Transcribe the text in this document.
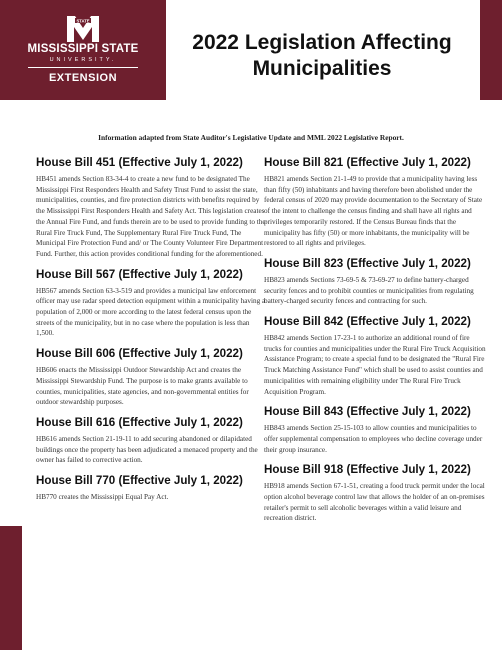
STATE
MISSISSIPPI STATE
UNIVERSITY.
EXTENSION
2022 Legislation Affecting
Municipalities
Information adapted from State Auditor's Legislative Update and MML 2022 Legislative Report.
House Bill 451 (Effective July 1, 2022)

HB451 amends Section 83-34-4 to create a new fund to be designated The Mississippi First Responders Health and Safety Trust Fund to assist the state, municipalities, counties, and fire protection districts with benefits required by the Mississippi First Responders Health and Safety Act. This legislation creates the Annual Fire Fund, and funds therein are to be used to provide funding to the Rural Fire Truck Fund, The Supplementary Rural Fire Truck Fund, The Municipal Fire Protection Fund and/ or The County Volunteer Fire Department Fund. Further, this action provides conditional funding for the aforementioned.

House Bill 567 (Effective July 1, 2022)

HB567 amends Section 63-3-519 and provides a municipal law enforcement officer may use radar speed detection equipment within a municipality having a population of 2,000 or more according to the latest federal census upon the streets of the municipality, but in no case where the population is less than 1,500.

House Bill 606 (Effective July 1, 2022)

HB606 enacts the Mississippi Outdoor Stewardship Act and creates the Mississippi Stewardship Fund. The purpose is to make grants available to counties, municipalities, state agencies, and non-governmental entities for outdoor stewardship purposes.

House Bill 616 (Effective July 1, 2022)

HB616 amends Section 21-19-11 to add securing abandoned or dilapidated buildings once the property has been adjudicated a menaced property and the owner has failed to corrective action.

House Bill 770 (Effective July 1, 2022)

HB770 creates the Mississippi Equal Pay Act.

House Bill 821 (Effective July 1, 2022)

HB821 amends Section 21-1-49 to provide that a municipality having less than fifty (50) inhabitants and having therefore been abolished under the federal census of 2020 may provide documentation to the Secretary of State of the intent to challenge the census finding and shall have all rights and privileges temporarily restored. If the Census Bureau finds that the municipality has fifty (50) or more inhabitants, the municipality will be restored to all rights and privileges.

House Bill 823 (Effective July 1, 2022)

HB823 amends Sections 73-69-5 & 73-69-27 to define battery-charged security fences and to prohibit counties or municipalities from regulating battery-charged security fences and contracting for such.

House Bill 842 (Effective July 1, 2022)

HB842 amends Section 17-23-1 to authorize an additional round of fire trucks for counties and municipalities under the Rural Fire Truck Acquisition Assistance Program; to create a special fund to be designated the "Rural Fire Truck Matching Assistance Fund" which shall be used to assist counties and municipalities with remaining eligibility under The Rural Fire Truck Acquisition Program.

House Bill 843 (Effective July 1, 2022)

HB843 amends Section 25-15-103 to allow counties and municipalities to offer supplemental compensation to employees who decline coverage under their group insurance.

House Bill 918 (Effective July 1, 2022)

HB918 amends Section 67-1-51, creating a food truck permit under the local option alcohol beverage control law that allows the holder of an on-premises retailer's permit to sell alcoholic beverages within a valid leisure and recreation district.
